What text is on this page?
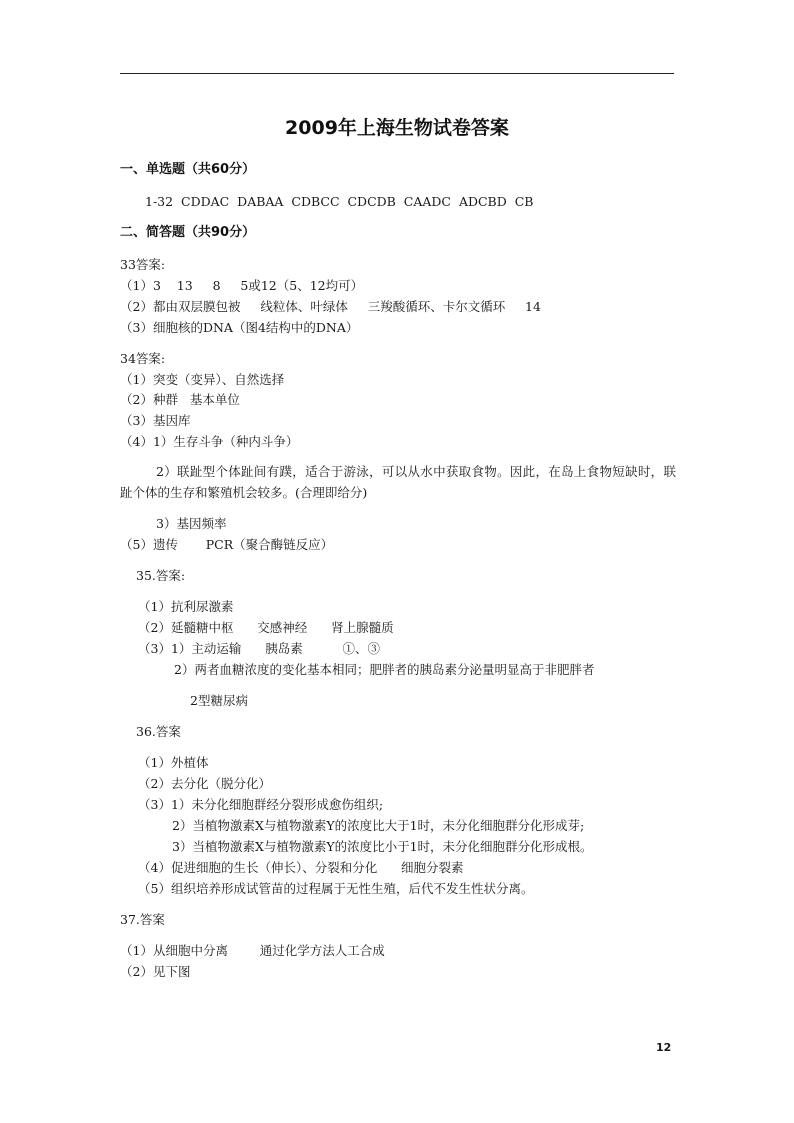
2009年上海生物试卷答案
一、单选题（共60分）
1-32  CDDAC  DABAA  CDBCC  CDCDB  CAADC  ADCBD  CB
二、简答题（共90分）
33答案:
（1）3    13     8     5或12（5、12均可）
（2）都由双层膜包被     线粒体、叶绿体     三羧酸循环、卡尔文循环     14
（3）细胞核的DNA（图4结构中的DNA）
34答案:
（1）突变（变异）、自然选择
（2）种群   基本单位
（3）基因库
（4）1）生存斗争（种内斗争）
2）联趾型个体趾间有蹼，适合于游泳，可以从水中获取食物。因此，在岛上食物短缺时，联趾个体的生存和繁殖机会较多。(合理即给分)
3）基因频率
（5）遗传       PCR（聚合酶链反应）
35.答案:
（1）抗利尿激素
（2）延髓糖中枢      交感神经      肾上腺髓质
（3）1）主动运输      胰岛素          ①、③
2）两者血糖浓度的变化基本相同；肥胖者的胰岛素分泌量明显高于非肥胖者
2型糖尿病
36.答案
（1）外植体
（2）去分化（脱分化）
（3）1）未分化细胞群经分裂形成愈伤组织;
2）当植物激素X与植物激素Y的浓度比大于1时，未分化细胞群分化形成芽;
3）当植物激素X与植物激素Y的浓度比小于1时，未分化细胞群分化形成根。
（4）促进细胞的生长（伸长）、分裂和分化      细胞分裂素
（5）组织培养形成试管苗的过程属于无性生殖，后代不发生性状分离。
37.答案
（1）从细胞中分离        通过化学方法人工合成
（2）见下图
12
